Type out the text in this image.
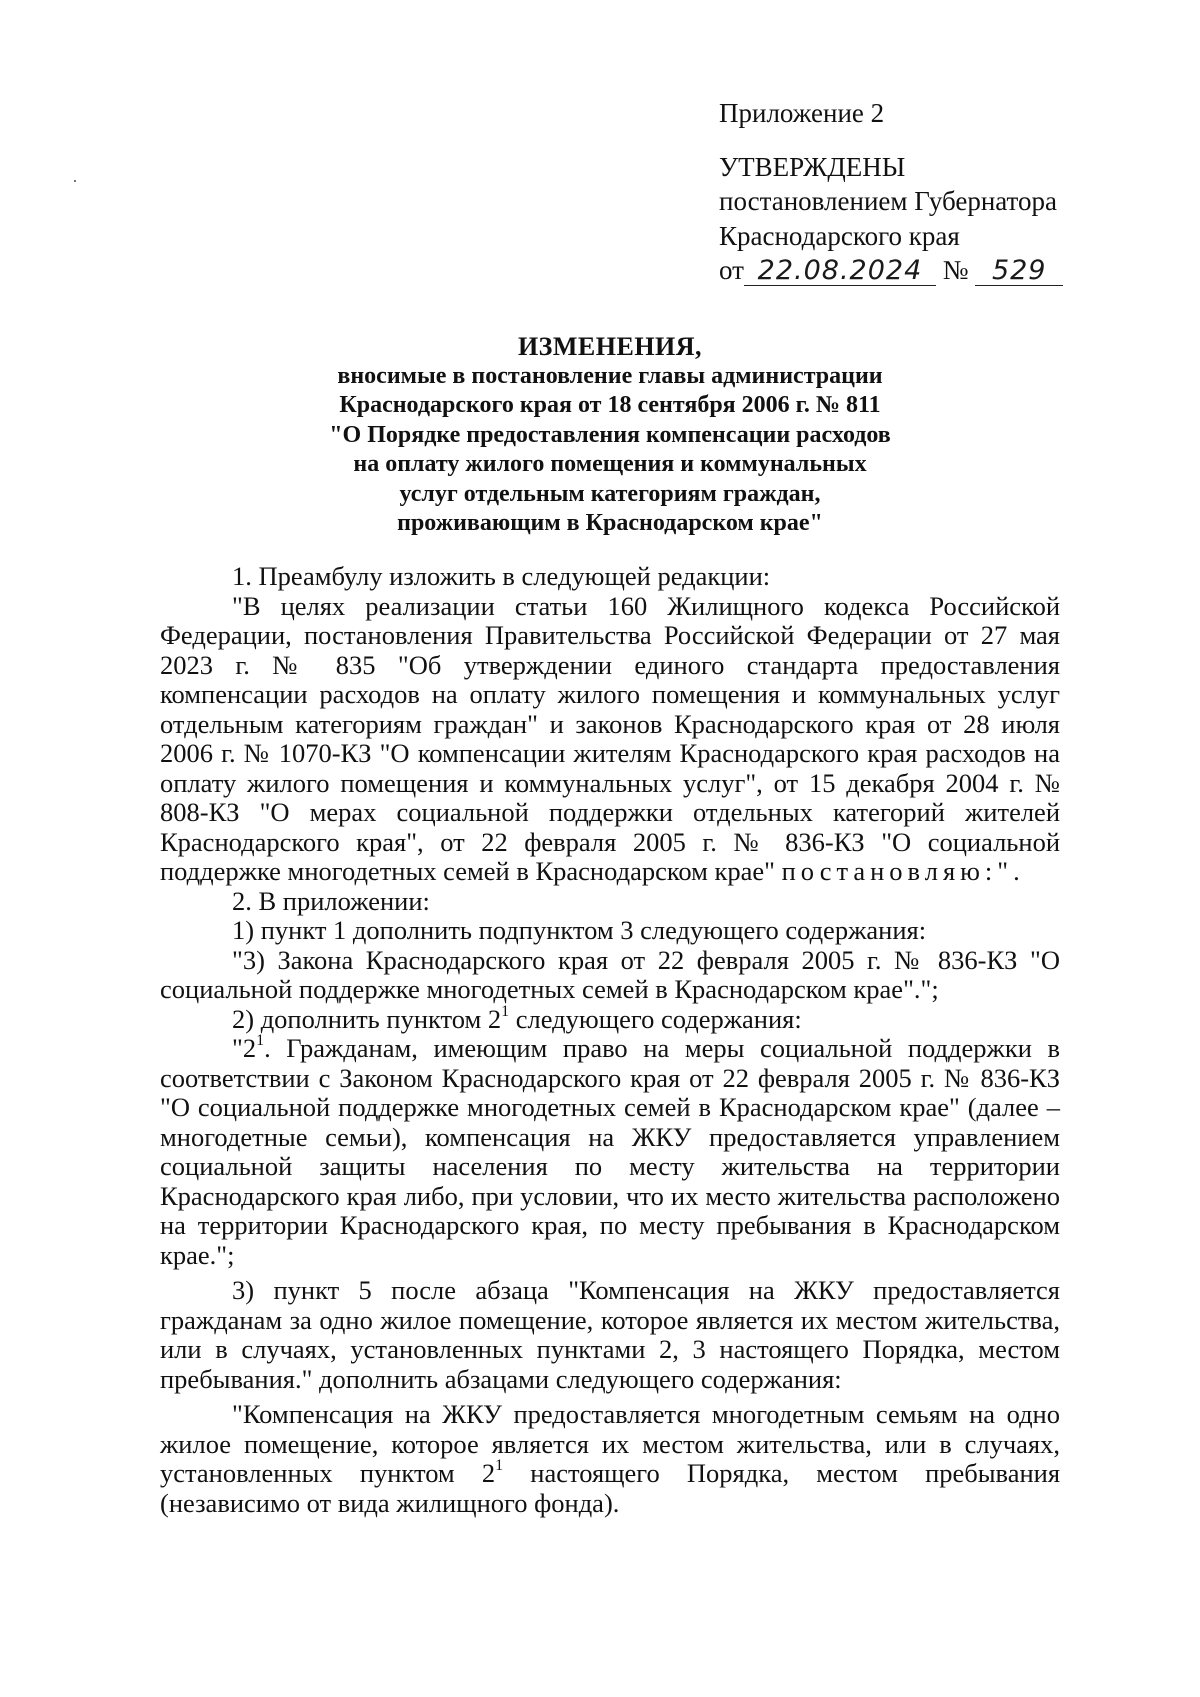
Приложение 2
УТВЕРЖДЕНЫ
постановлением Губернатора
Краснодарского края
от 22.08.2024 № 529
ИЗМЕНЕНИЯ,
вносимые в постановление главы администрации
Краснодарского края от 18 сентября 2006 г. № 811
"О Порядке предоставления компенсации расходов
на оплату жилого помещения и коммунальных
услуг отдельным категориям граждан,
проживающим в Краснодарском крае"

1. Преамбулу изложить в следующей редакции:

"В целях реализации статьи 160 Жилищного кодекса Российской Федерации, постановления Правительства Российской Федерации от 27 мая 2023 г. № 835 "Об утверждении единого стандарта предоставления компенсации расходов на оплату жилого помещения и коммунальных услуг отдельным категориям граждан" и законов Краснодарского края от 28 июля 2006 г. № 1070-КЗ "О компенсации жителям Краснодарского края расходов на оплату жилого помещения и коммунальных услуг", от 15 декабря 2004 г. № 808-КЗ "О мерах социальной поддержки отдельных категорий жителей Краснодарского края", от 22 февраля 2005 г. № 836-КЗ "О социальной поддержке многодетных семей в Краснодарском крае" постановляю:".

2. В приложении:

1) пункт 1 дополнить подпунктом 3 следующего содержания:

"3) Закона Краснодарского края от 22 февраля 2005 г. № 836-КЗ "О социальной поддержке многодетных семей в Краснодарском крае".";

2) дополнить пунктом $2^1$ следующего содержания:

"$2^1$. Гражданам, имеющим право на меры социальной поддержки в соответствии с Законом Краснодарского края от 22 февраля 2005 г. № 836-КЗ "О социальной поддержке многодетных семей в Краснодарском крае" (далее – многодетные семьи), компенсация на ЖКУ предоставляется управлением социальной защиты населения по месту жительства на территории Краснодарского края либо, при условии, что их место жительства расположено на территории Краснодарского края, по месту пребывания в Краснодарском крае.";

3) пункт 5 после абзаца "Компенсация на ЖКУ предоставляется гражданам за одно жилое помещение, которое является их местом жительства, или в случаях, установленных пунктами 2, 3 настоящего Порядка, местом пребывания." дополнить абзацами следующего содержания:

"Компенсация на ЖКУ предоставляется многодетным семьям на одно жилое помещение, которое является их местом жительства, или в случаях, установленных пунктом $2^1$ настоящего Порядка, местом пребывания (независимо от вида жилищного фонда).
